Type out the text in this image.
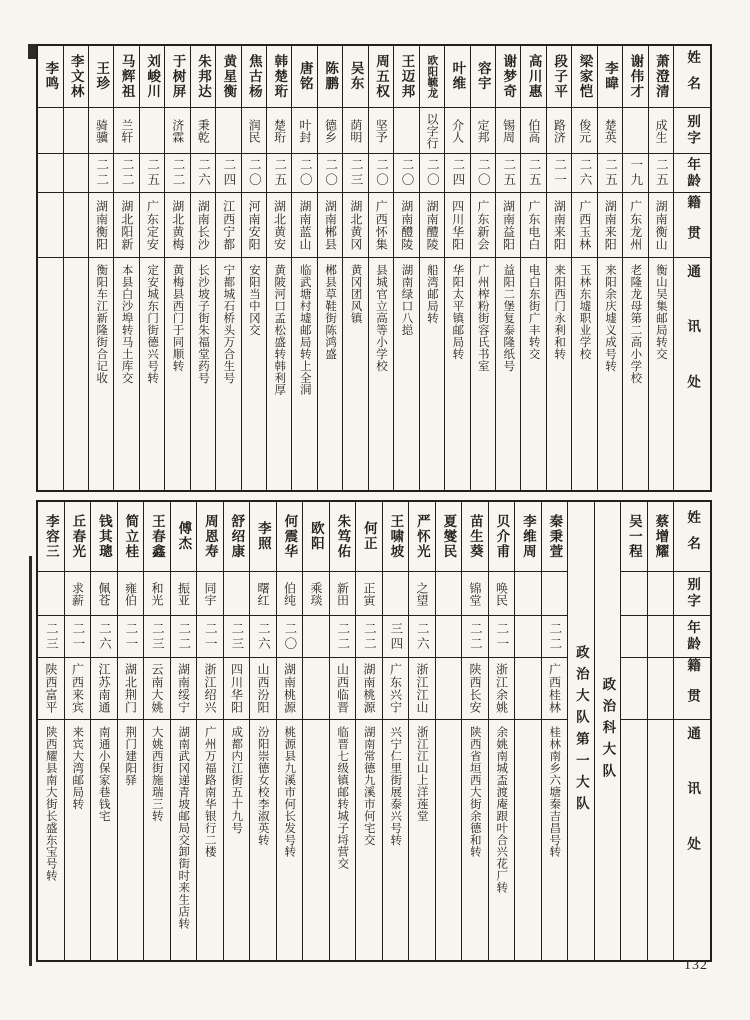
姓名
别字
年龄
籍贯
通讯处
萧澄清
成生
二五
湖南衡山
衡山吴集邮局转交
谢伟才
一九
广东龙州
老隆龙母第二高小学校
李暐
楚英
二五
湖南来阳
来阳余庆墟义成号转
梁家恺
俊元
二六
广西玉林
玉林东墟职业学校
段子平
路济
二一
湖南来阳
来阳西门永利和转
高川惠
伯高
二五
广东电白
电白东街广丰转交
谢梦奇
锡周
二五
湖南益阳
益阳二堡复泰隆纸号
容宇
定邦
二〇
广东新会
广州榨粉街容氏书室
叶维
介人
二四
四川华阳
华阳太平镇邮局转
欧阳毓龙
以字行
二〇
湖南醴陵
船湾邮局转
王迈邦
二〇
湖南醴陵
湖南绿口八搃
周五权
坚予
二〇
广西怀集
县城官立高等小学校
吴东
荫明
二三
湖北黄冈
黄冈团风镇
陈鹏
德乡
二〇
湖南郴县
郴县草鞋街陈鸿盛
唐铭
叶封
二〇
湖南蓝山
临武塘村墟邮局转上全洞
韩楚珩
楚珩
二五
湖北黄安
黄陂河口孟松盛转韩利厚
焦古杨
润民
二〇
河南安阳
安阳当中冈交
黄星衡
二四
江西宁都
宁都城石桥头万合生号
朱邦达
秉乾
二六
湖南长沙
长沙坡子街朱福堂药号
于树屏
济霖
二二
湖北黄梅
黄梅县西门于同顺转
刘峻川
二五
广东定安
定安城东门街德兴号转
马辉祖
兰轩
二二
湖北阳新
本县白沙埠转马土库交
王珍
骑骥
二二
湖南衡阳
衡阳车江新隆街合记收
李文林
李鸣
姓名
别字
年龄
籍贯
通讯处
蔡增耀
吴一程
政治科大队
政治大队第一大队
秦秉萱
二二
广西桂林
桂林南乡六塘秦吉昌号转
李维周
贝介甫
唤民
二一
浙江余姚
余姚南城盃渡庵跟叶合兴花厂转
苗生葵
锦堂
二二
陕西长安
陕西省垣西大街余德和转
夏燮民
严怀光
之望
二六
浙江江山
浙江江山上洋莲堂
王啸坡
三四
广东兴宁
兴宁仁里街展泰兴号转
何正
正寅
二二
湖南桃源
湖南常德九溪市何宅交
朱笃佑
新田
二二
山西临晋
临晋七级镇邮转城子埒营交
欧阳
乘琰
何震华
伯纯
二〇
湖南桃源
桃源县九溪市何长发号转
李照
曙红
二六
山西汾阳
汾阳崇德女校李淑英转
舒绍康
二三
四川华阳
成都内江街五十九号
周恩寿
同宇
二一
浙江绍兴
广州万福路南华银行二楼
傅杰
振亚
二二
湖南绥宁
湖南武冈递青坡邮局交卸街时来生店转
王春鑫
和光
二三
云南大姚
大姚西街施瑞三转
简立桂
雍伯
二一
湖北荆门
荆门建阳驿
钱其璁
佩苍
二六
江苏南通
南通小保家巷钱宅
丘春光
求薪
二一
广西来宾
来宾大湾邮局转
李容三
二三
陕西富平
陕西耀县南大街长盛东宝号转
132
